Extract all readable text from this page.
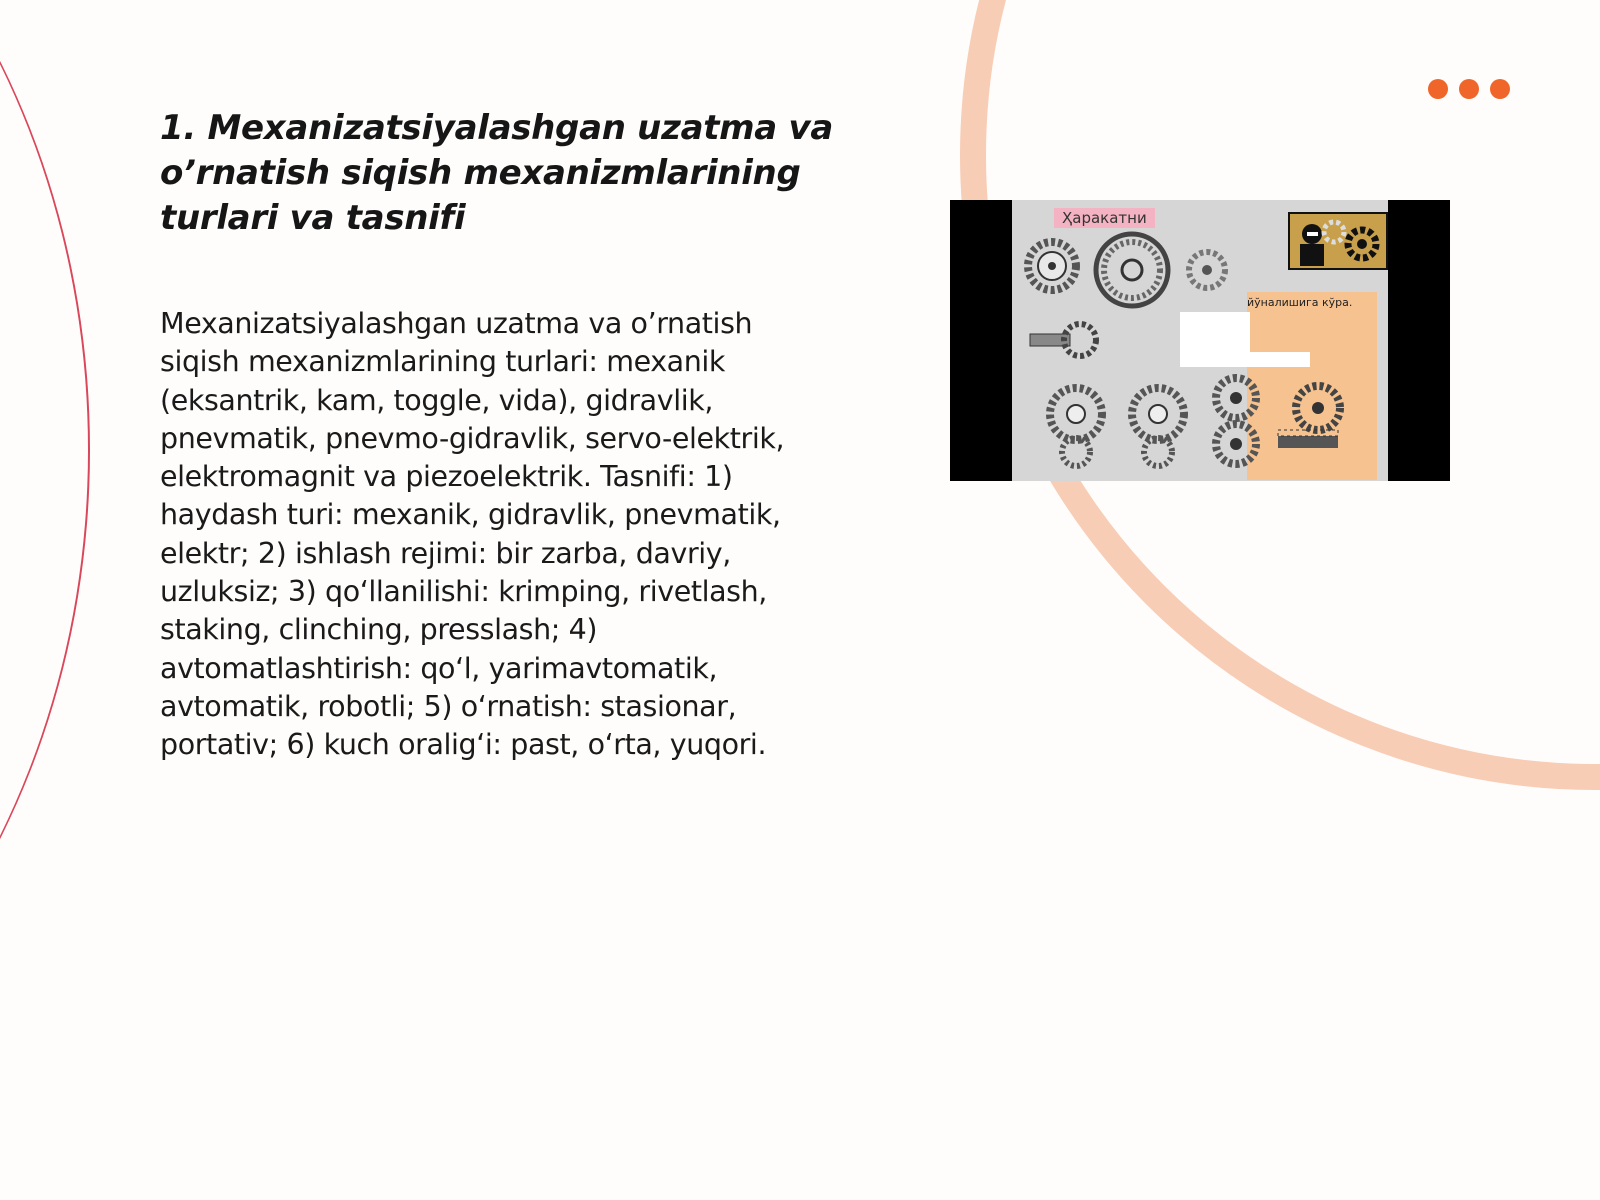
1. Mexanizatsiyalashgan uzatma va o’rnatish siqish mexanizmlarining turlari va tasnifi

Mexanizatsiyalashgan uzatma va o’rnatish siqish mexanizmlarining turlari: mexanik (eksantrik, kam, toggle, vida), gidravlik, pnevmatik, pnevmo-gidravlik, servo-elektrik, elektromagnit va piezoelektrik. Tasnifi: 1) haydash turi: mexanik, gidravlik, pnevmatik, elektr; 2) ishlash rejimi: bir zarba, davriy, uzluksiz; 3) qo‘llanilishi: krimping, rivetlash, staking, clinching, presslash; 4) avtomatlashtirish: qo‘l, yarimavtomatik, avtomatik, robotli; 5) o‘rnatish: stasionar, portativ; 6) kuch oralig‘i: past, o‘rta, yuqori.

Ҳаракатни
йўналишига кўра.
